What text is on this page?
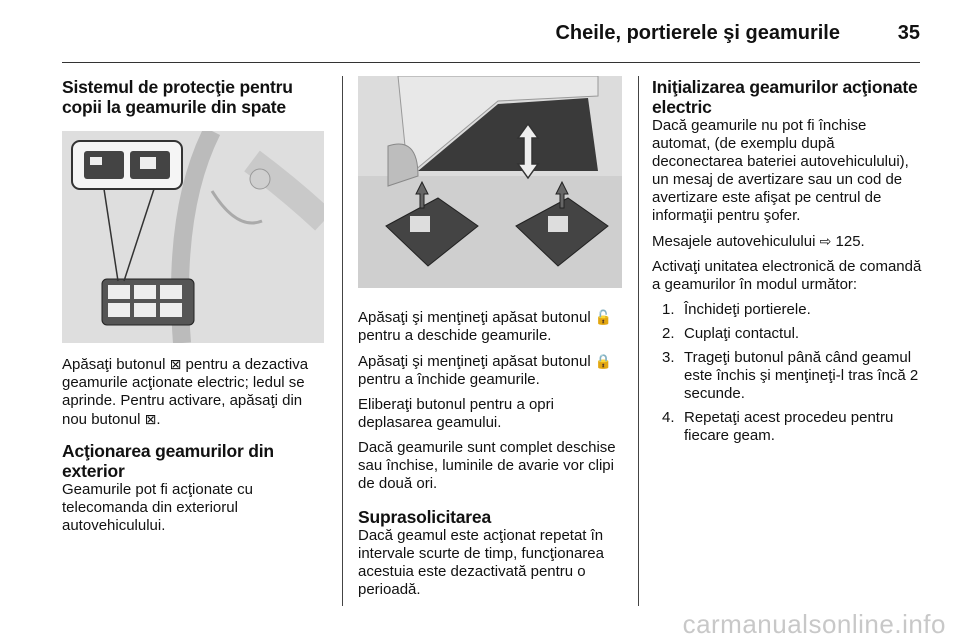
Cheile, portierele şi geamurile	35
Sistemul de protecţie pentru copii la geamurile din spate

Apăsaţi butonul ⊠ pentru a dezactiva geamurile acţionate electric; ledul se aprinde. Pentru activare, apăsaţi din nou butonul ⊠.

Acţionarea geamurilor din exterior

Geamurile pot fi acţionate cu telecomanda din exteriorul autovehiculului.

Apăsaţi şi menţineţi apăsat butonul 🔓 pentru a deschide geamurile.

Apăsaţi şi menţineţi apăsat butonul 🔒 pentru a închide geamurile.

Eliberaţi butonul pentru a opri deplasarea geamului.

Dacă geamurile sunt complet deschise sau închise, luminile de avarie vor clipi de două ori.

Suprasolicitarea

Dacă geamul este acţionat repetat în intervale scurte de timp, funcţionarea acestuia este dezactivată pentru o perioadă.

Iniţializarea geamurilor acţionate electric

Dacă geamurile nu pot fi închise automat, (de exemplu după deconectarea bateriei autovehiculului), un mesaj de avertizare sau un cod de avertizare este afişat pe centrul de informaţii pentru şofer.

Mesajele autovehiculului ⇨ 125.

Activaţi unitatea electronică de comandă a geamurilor în modul următor:

1. Închideţi portierele.
2. Cuplaţi contactul.
3. Trageţi butonul până când geamul este închis şi menţineţi-l tras încă 2 secunde.
4. Repetaţi acest procedeu pentru fiecare geam.
carmanualsonline.info
